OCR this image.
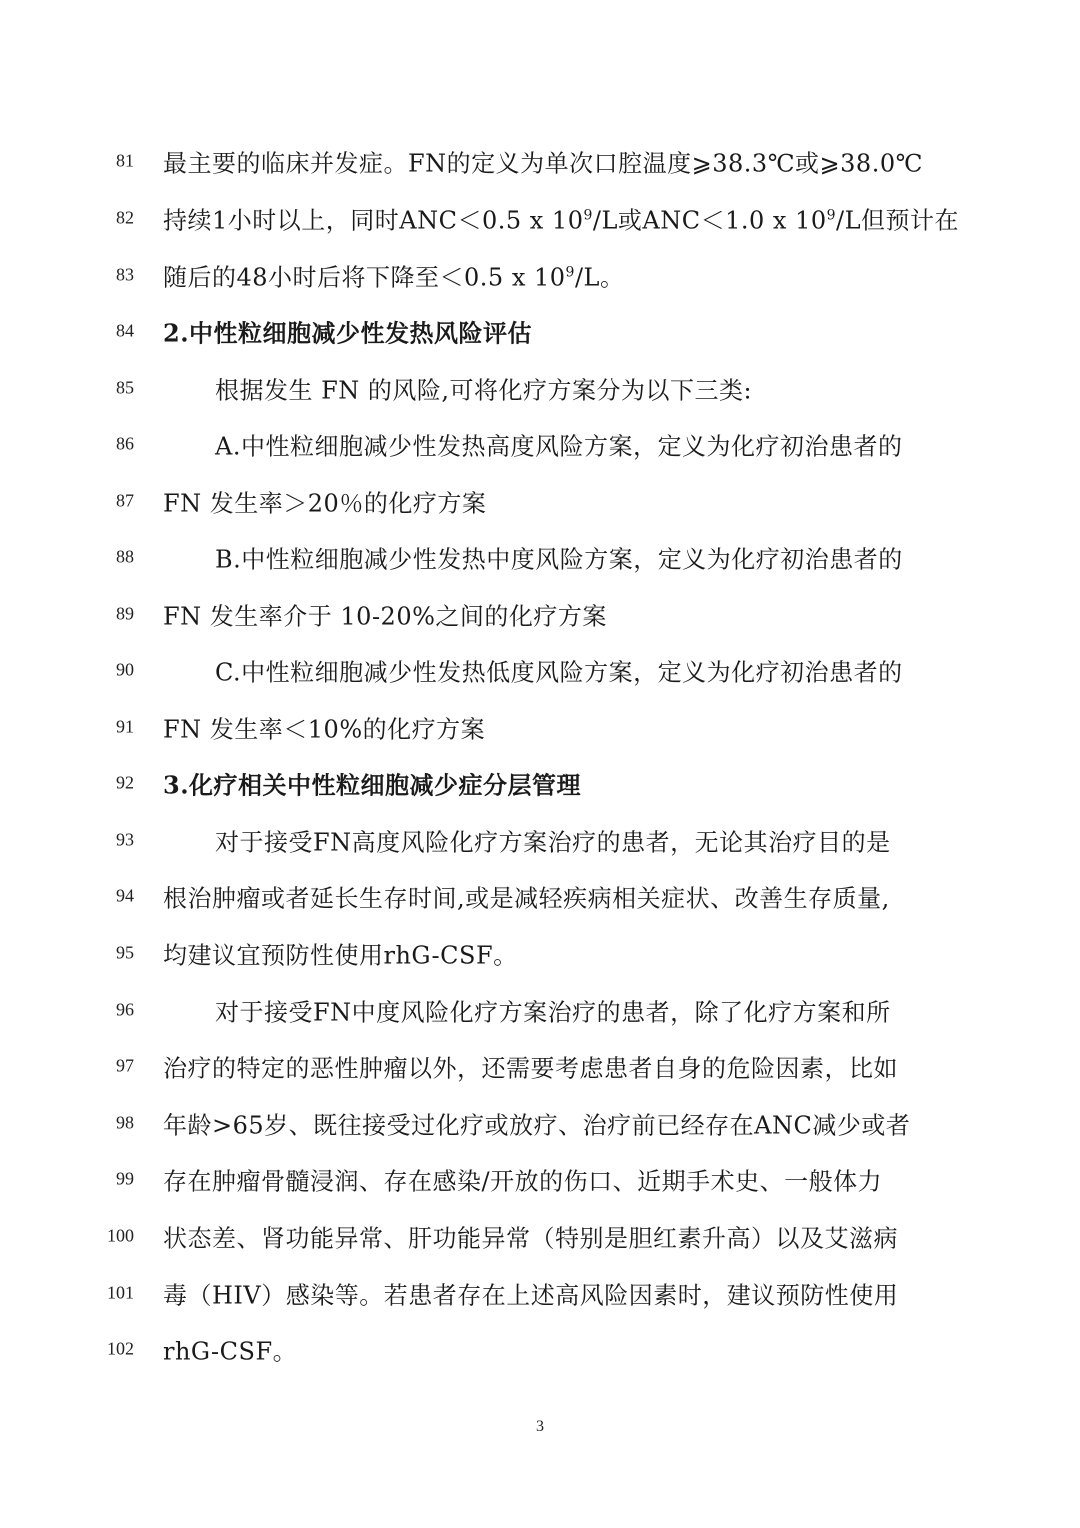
81 最主要的临床并发症。FN的定义为单次口腔温度⩾38.3℃或⩾38.0℃
82 持续1小时以上，同时ANC＜0.5 x $10^9/L$或ANC＜1.0 x $10^9/L$但预计在
83 随后的48小时后将下降至＜0.5 x $10^9/L$。
84 2.中性粒细胞减少性发热风险评估
85	根据发生 FN 的风险,可将化疗方案分为以下三类:
86	A.中性粒细胞减少性发热高度风险方案，定义为化疗初治患者的
87 FN 发生率＞20％的化疗方案
88	B.中性粒细胞减少性发热中度风险方案，定义为化疗初治患者的
89 FN 发生率介于 10-20%之间的化疗方案
90	C.中性粒细胞减少性发热低度风险方案，定义为化疗初治患者的
91 FN 发生率＜10%的化疗方案
92 3.化疗相关中性粒细胞减少症分层管理
93	对于接受FN高度风险化疗方案治疗的患者，无论其治疗目的是
94 根治肿瘤或者延长生存时间,或是减轻疾病相关症状、改善生存质量,
95 均建议宜预防性使用rhG-CSF。
96	对于接受FN中度风险化疗方案治疗的患者，除了化疗方案和所
97 治疗的特定的恶性肿瘤以外，还需要考虑患者自身的危险因素，比如
98 年龄>65岁、既往接受过化疗或放疗、治疗前已经存在ANC减少或者
99 存在肿瘤骨髓浸润、存在感染/开放的伤口、近期手术史、一般体力
100 状态差、肾功能异常、肝功能异常（特别是胆红素升高）以及艾滋病
101 毒（HIV）感染等。若患者存在上述高风险因素时，建议预防性使用
102 rhG-CSF。
3
